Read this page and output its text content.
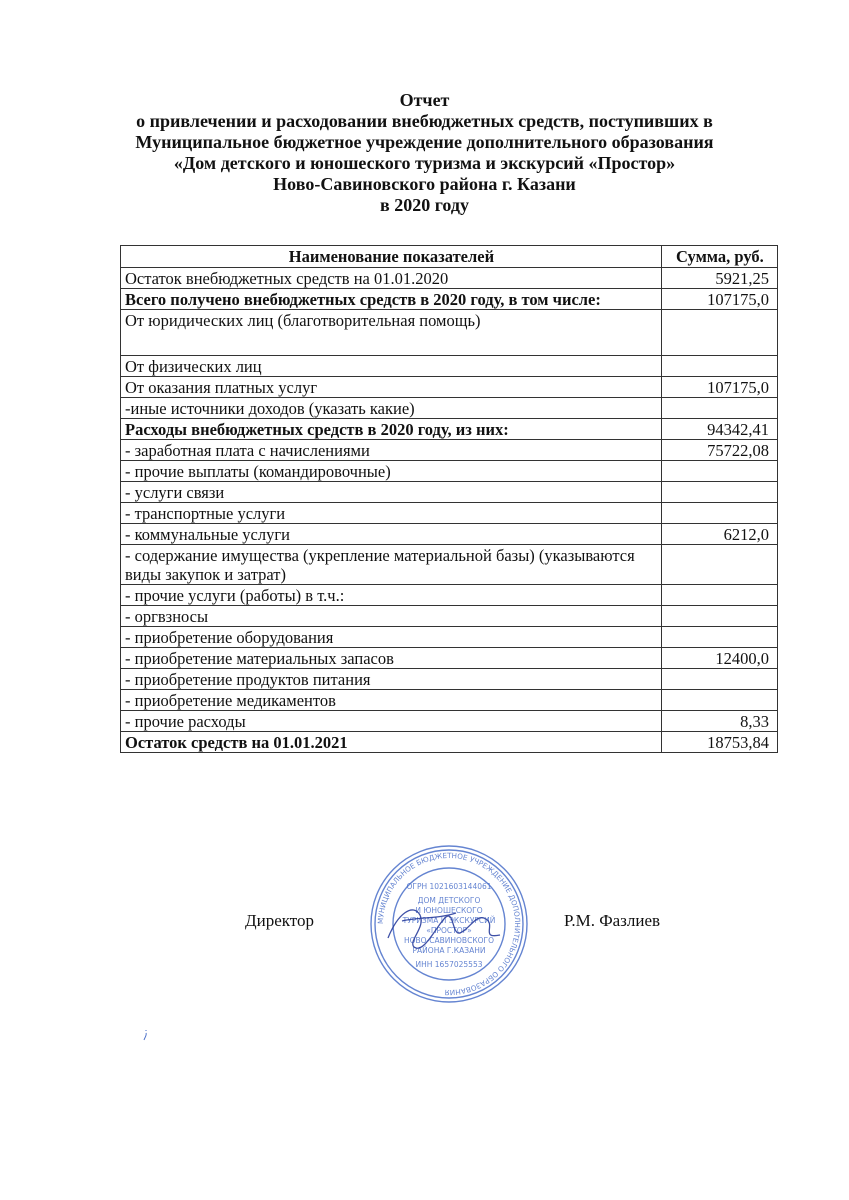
Отчет
о привлечении и расходовании внебюджетных средств, поступивших в
Муниципальное бюджетное учреждение дополнительного образования
«Дом детского и юношеского туризма и экскурсий «Простор»
Ново-Савиновского района г. Казани
в 2020 году
Наименование показателей	Сумма, руб.
Остаток внебюджетных средств на 01.01.2020	5921,25
Всего получено внебюджетных средств в 2020 году, в том числе:	107175,0
От юридических лиц (благотворительная помощь)	
От физических лиц	
От оказания платных услуг	107175,0
-иные источники доходов (указать какие)	
Расходы внебюджетных средств в 2020 году, из них:	94342,41
- заработная плата с начислениями	75722,08
- прочие выплаты (командировочные)	
- услуги связи	
- транспортные услуги	
- коммунальные услуги	6212,0
- содержание имущества (укрепление материальной базы) (указываются виды закупок и затрат)	
- прочие услуги (работы) в т.ч.:	
- оргвзносы	
- приобретение оборудования	
- приобретение материальных запасов	12400,0
- приобретение продуктов питания	
- приобретение медикаментов	
- прочие расходы	8,33
Остаток средств на 01.01.2021	18753,84
МУНИЦИПАЛЬНОЕ БЮДЖЕТНОЕ УЧРЕЖДЕНИЕ ДОПОЛНИТЕЛЬНОГО ОБРАЗОВАНИЯ
ОГРН 1021603144061
ДОМ ДЕТСКОГО
И ЮНОШЕСКОГО
ТУРИЗМА И ЭКСКУРСИЙ
«ПРОСТОР»
НОВО-САВИНОВСКОГО
РАЙОНА Г.КАЗАНИ
ИНН 1657025553
Директор	Р.М. Фазлиев
